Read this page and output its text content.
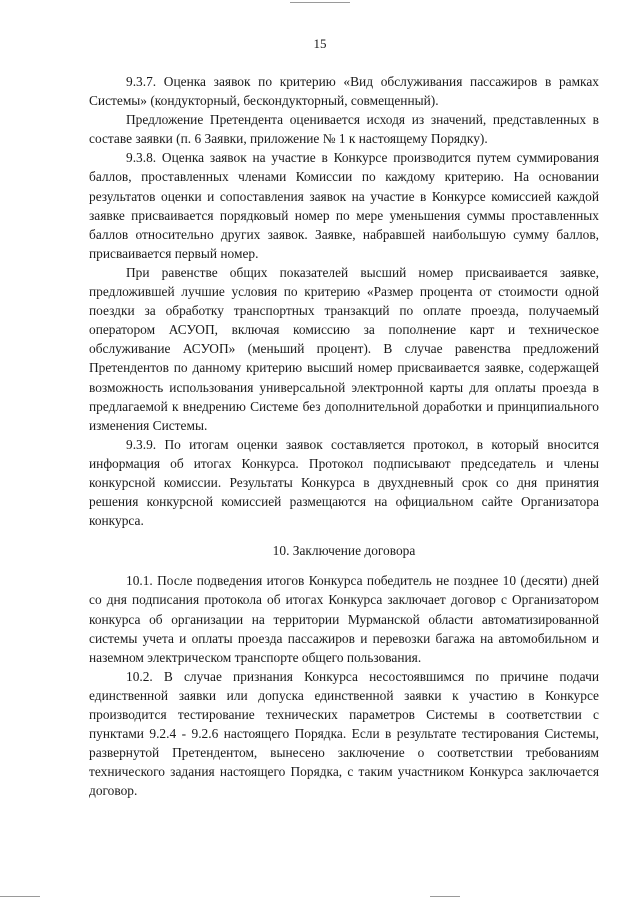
15

9.3.7. Оценка заявок по критерию «Вид обслуживания пассажиров в рамках Системы» (кондукторный, бескондукторный, совмещенный).

Предложение Претендента оценивается исходя из значений, представленных в составе заявки (п. 6 Заявки, приложение № 1 к настоящему Порядку).

9.3.8. Оценка заявок на участие в Конкурсе производится путем суммирования баллов, проставленных членами Комиссии по каждому критерию. На основании результатов оценки и сопоставления заявок на участие в Конкурсе комиссией каждой заявке присваивается порядковый номер по мере уменьшения суммы проставленных баллов относительно других заявок. Заявке, набравшей наибольшую сумму баллов, присваивается первый номер.

При равенстве общих показателей высший номер присваивается заявке, предложившей лучшие условия по критерию «Размер процента от стоимости одной поездки за обработку транспортных транзакций по оплате проезда, получаемый оператором АСУОП, включая комиссию за пополнение карт и техническое обслуживание АСУОП» (меньший процент). В случае равенства предложений Претендентов по данному критерию высший номер присваивается заявке, содержащей возможность использования универсальной электронной карты для оплаты проезда в предлагаемой к внедрению Системе без дополнительной доработки и принципиального изменения Системы.

9.3.9. По итогам оценки заявок составляется протокол, в который вносится информация об итогах Конкурса. Протокол подписывают председатель и члены конкурсной комиссии. Результаты Конкурса в двухдневный срок со дня принятия решения конкурсной комиссией размещаются на официальном сайте Организатора конкурса.

10. Заключение договора

10.1. После подведения итогов Конкурса победитель не позднее 10 (десяти) дней со дня подписания протокола об итогах Конкурса заключает договор с Организатором конкурса об организации на территории Мурманской области автоматизированной системы учета и оплаты проезда пассажиров и перевозки багажа на автомобильном и наземном электрическом транспорте общего пользования.

10.2. В случае признания Конкурса несостоявшимся по причине подачи единственной заявки или допуска единственной заявки к участию в Конкурсе производится тестирование технических параметров Системы в соответствии с пунктами 9.2.4 - 9.2.6 настоящего Порядка. Если в результате тестирования Системы, развернутой Претендентом, вынесено заключение о соответствии требованиям технического задания настоящего Порядка, с таким участником Конкурса заключается договор.
